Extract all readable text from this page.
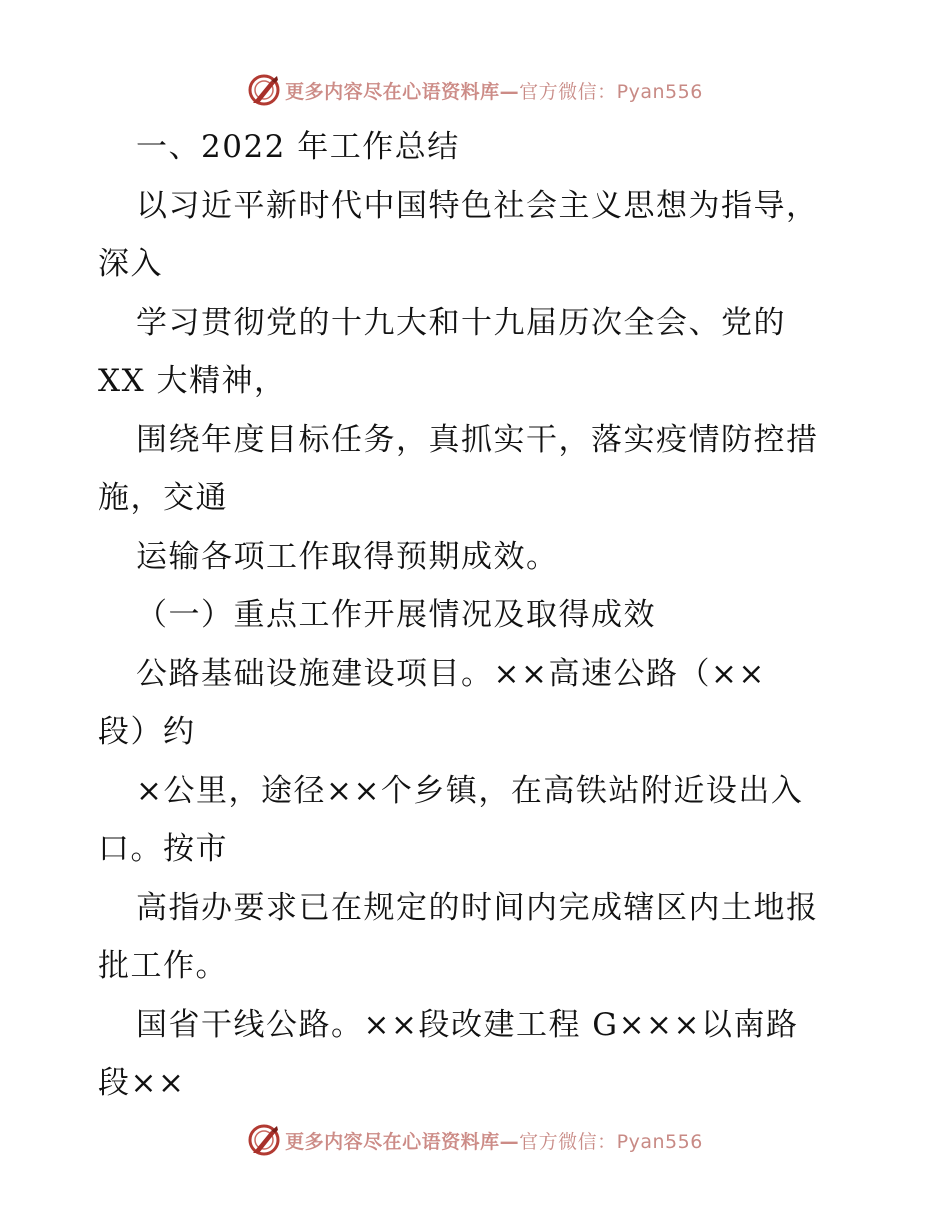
更多内容尽在心语资料库—官方微信：Pyan556
一、2022 年工作总结
以习近平新时代中国特色社会主义思想为指导，
深入
学习贯彻党的十九大和十九届历次全会、党的
XX 大精神，
围绕年度目标任务，真抓实干，落实疫情防控措
施，交通
运输各项工作取得预期成效。
（一）重点工作开展情况及取得成效
公路基础设施建设项目。××高速公路（××
段）约
×公里，途径××个乡镇，在高铁站附近设出入
口。按市
高指办要求已在规定的时间内完成辖区内土地报
批工作。
国省干线公路。××段改建工程 G×××以南路
段××
更多内容尽在心语资料库—官方微信：Pyan556
